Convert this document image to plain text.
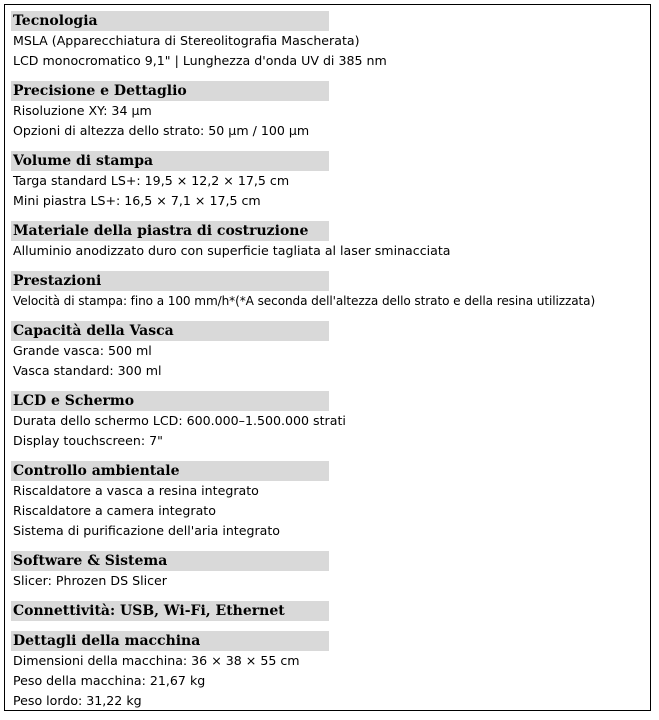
Tecnologia
MSLA (Apparecchiatura di Stereolitografia Mascherata)
LCD monocromatico 9,1" | Lunghezza d'onda UV di 385 nm
Precisione e Dettaglio
Risoluzione XY: 34 µm
Opzioni di altezza dello strato: 50 µm / 100 µm
Volume di stampa
Targa standard LS+: 19,5 × 12,2 × 17,5 cm
Mini piastra LS+: 16,5 × 7,1 × 17,5 cm
Materiale della piastra di costruzione
Alluminio anodizzato duro con superficie tagliata al laser sminacciata
Prestazioni
Velocità di stampa: fino a 100 mm/h*(*A seconda dell'altezza dello strato e della resina utilizzata)
Capacità della Vasca
Grande vasca: 500 ml
Vasca standard: 300 ml
LCD e Schermo
Durata dello schermo LCD: 600.000–1.500.000 strati
Display touchscreen: 7"
Controllo ambientale
Riscaldatore a vasca a resina integrato
Riscaldatore a camera integrato
Sistema di purificazione dell'aria integrato
Software & Sistema
Slicer: Phrozen DS Slicer
Connettività: USB, Wi-Fi, Ethernet
Dettagli della macchina
Dimensioni della macchina: 36 × 38 × 55 cm
Peso della macchina: 21,67 kg
Peso lordo: 31,22 kg
